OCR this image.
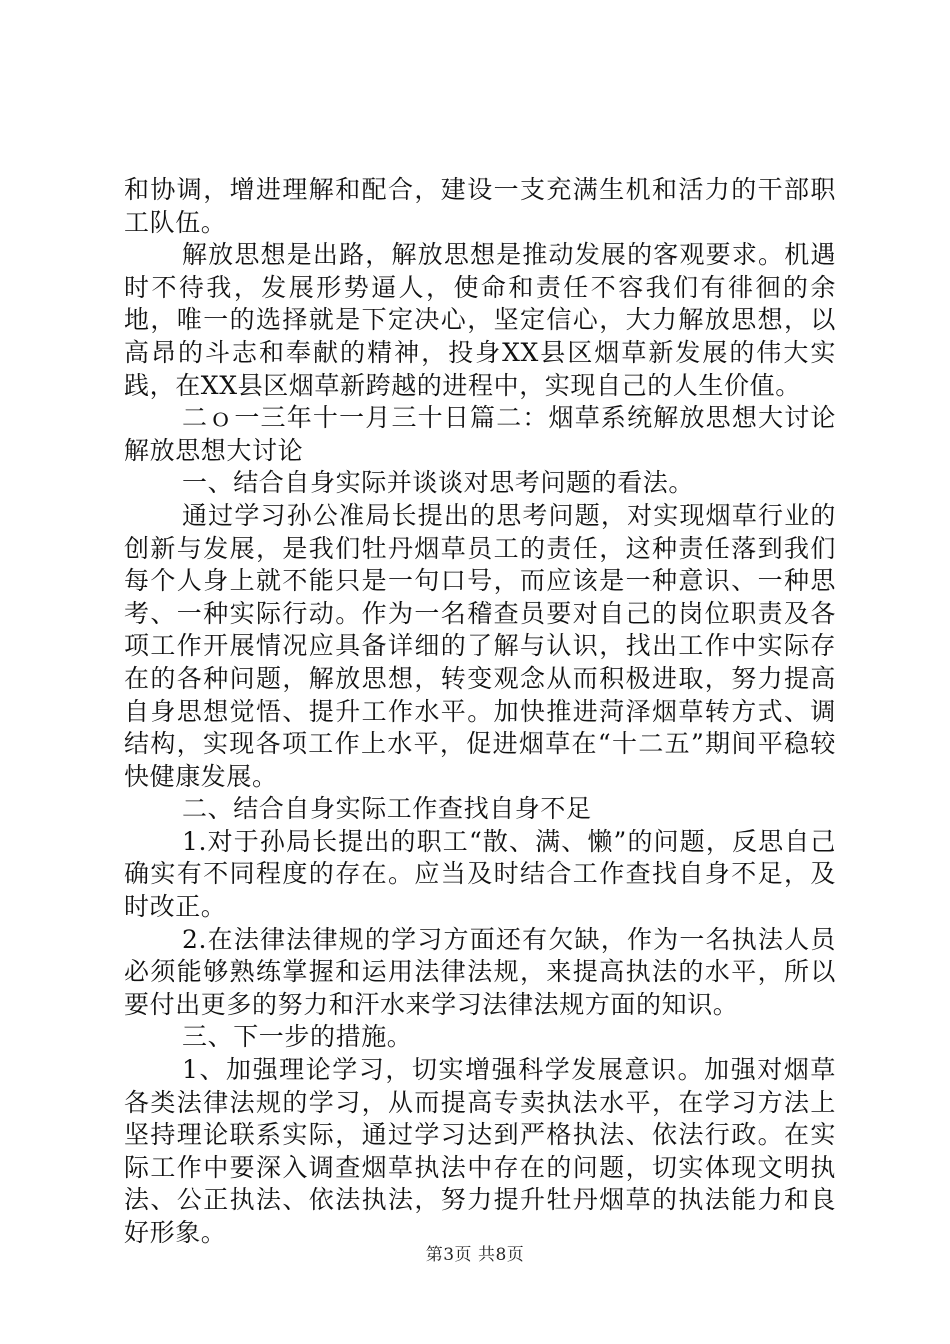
和协调，增进理解和配合，建设一支充满生机和活力的干部职工队伍。

解放思想是出路，解放思想是推动发展的客观要求。机遇时不待我，发展形势逼人，使命和责任不容我们有徘徊的余地，唯一的选择就是下定决心，坚定信心，大力解放思想，以高昂的斗志和奉献的精神，投身XX县区烟草新发展的伟大实践，在XX县区烟草新跨越的进程中，实现自己的人生价值。

二ｏ一三年十一月三十日篇二：烟草系统解放思想大讨论解放思想大讨论

一、结合自身实际并谈谈对思考问题的看法。

通过学习孙公准局长提出的思考问题，对实现烟草行业的创新与发展，是我们牡丹烟草员工的责任，这种责任落到我们每个人身上就不能只是一句口号，而应该是一种意识、一种思考、一种实际行动。作为一名稽查员要对自己的岗位职责及各项工作开展情况应具备详细的了解与认识，找出工作中实际存在的各种问题，解放思想，转变观念从而积极进取，努力提高自身思想觉悟、提升工作水平。加快推进菏泽烟草转方式、调结构，实现各项工作上水平，促进烟草在“十二五”期间平稳较快健康发展。

二、结合自身实际工作查找自身不足

1.对于孙局长提出的职工“散、满、懒”的问题，反思自己确实有不同程度的存在。应当及时结合工作查找自身不足，及时改正。

2.在法律法律规的学习方面还有欠缺，作为一名执法人员必须能够熟练掌握和运用法律法规，来提高执法的水平，所以要付出更多的努力和汗水来学习法律法规方面的知识。

三、下一步的措施。

1、加强理论学习，切实增强科学发展意识。加强对烟草各类法律法规的学习，从而提高专卖执法水平，在学习方法上坚持理论联系实际，通过学习达到严格执法、依法行政。在实际工作中要深入调查烟草执法中存在的问题，切实体现文明执法、公正执法、依法执法，努力提升牡丹烟草的执法能力和良好形象。

第3页 共8页
